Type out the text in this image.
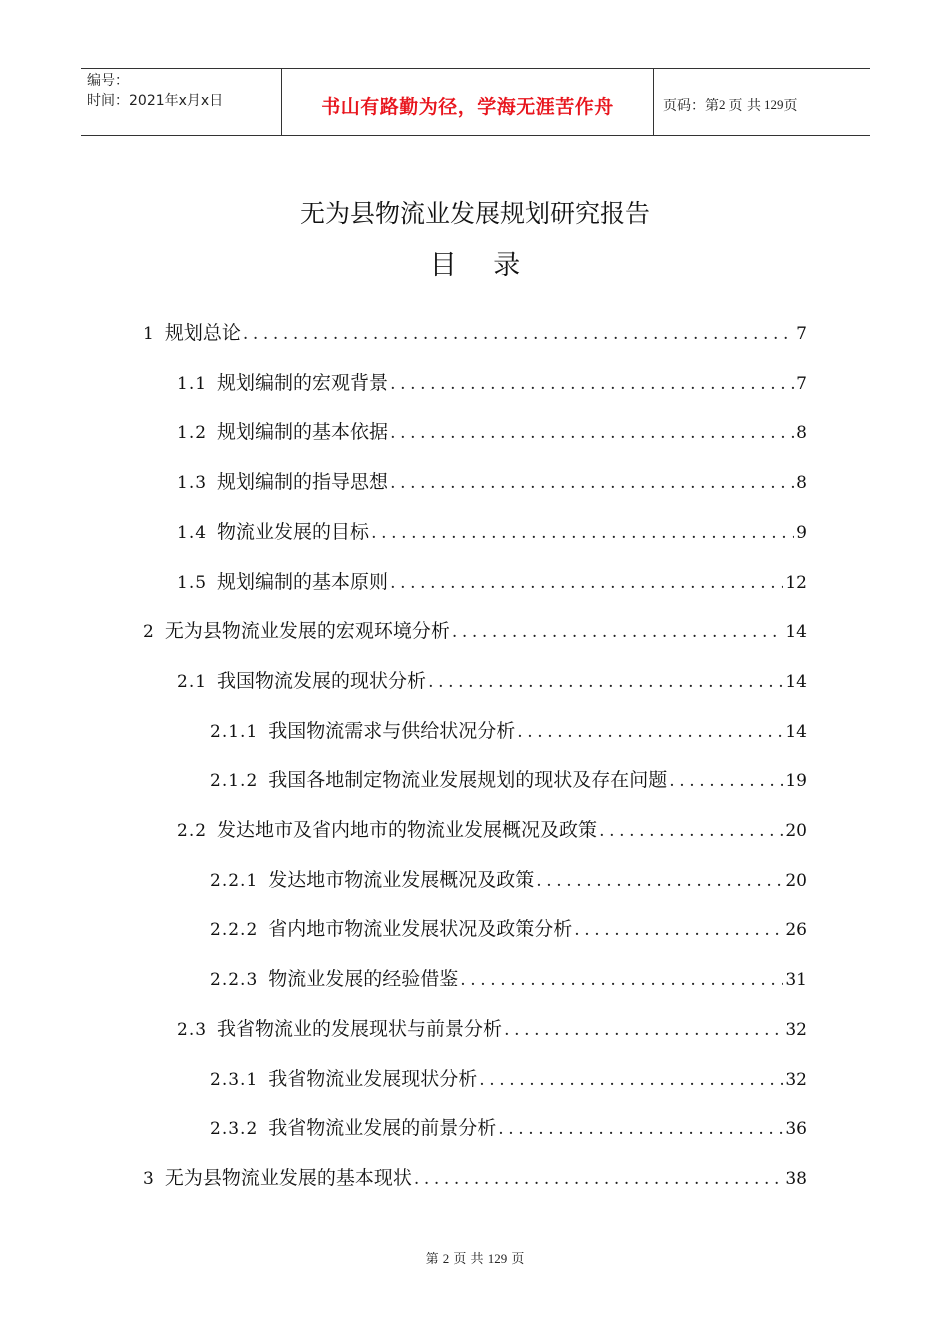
编号：
时间：2021年x月x日	书山有路勤为径，学海无涯苦作舟	页码：第 2 页 共 129 页
无为县物流业发展规划研究报告
目 录
1 规划总论 .....	7
1.1 规划编制的宏观背景 .....	7
1.2 规划编制的基本依据 .....	8
1.3 规划编制的指导思想 .....	8
1.4 物流业发展的目标 .....	9
1.5 规划编制的基本原则 .....	12
2 无为县物流业发展的宏观环境分析 .....	14
2.1 我国物流发展的现状分析 .....	14
2.1.1 我国物流需求与供给状况分析 .....	14
2.1.2 我国各地制定物流业发展规划的现状及存在问题 .....	19
2.2 发达地市及省内地市的物流业发展概况及政策 .....	20
2.2.1 发达地市物流业发展概况及政策 .....	20
2.2.2 省内地市物流业发展状况及政策分析 .....	26
2.2.3 物流业发展的经验借鉴 .....	31
2.3 我省物流业的发展现状与前景分析 .....	32
2.3.1 我省物流业发展现状分析 .....	32
2.3.2 我省物流业发展的前景分析 .....	36
3 无为县物流业发展的基本现状 .....	38
第 2 页 共 129 页
